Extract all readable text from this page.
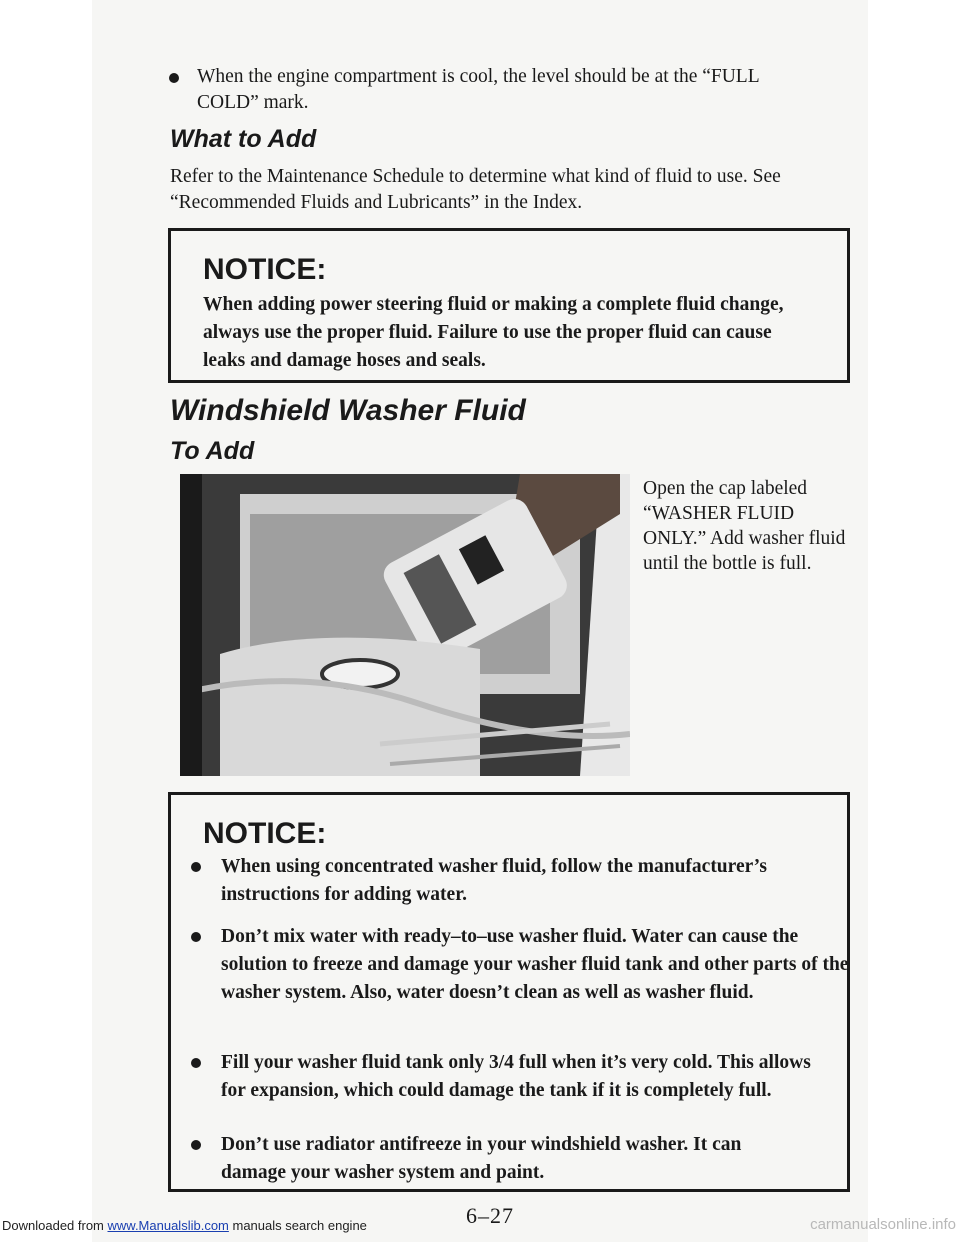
When the engine compartment is cool, the level should be at the “FULL COLD” mark.
What to Add
Refer to the Maintenance Schedule to determine what kind of fluid to use. See “Recommended Fluids and Lubricants” in the Index.
NOTICE:
When adding power steering fluid or making a complete fluid change, always use the proper fluid. Failure to use the proper fluid can cause leaks and damage hoses and seals.
Windshield Washer Fluid
To Add
Open the cap labeled “WASHER FLUID ONLY.” Add washer fluid until the bottle is full.
NOTICE:
When using concentrated washer fluid, follow the manufacturer’s instructions for adding water.
Don’t mix water with ready–to–use washer fluid. Water can cause the solution to freeze and damage your washer fluid tank and other parts of the washer system. Also, water doesn’t clean as well as washer fluid.
Fill your washer fluid tank only 3/4 full when it’s very cold. This allows for expansion, which could damage the tank if it is completely full.
Don’t use radiator antifreeze in your windshield washer. It can damage your washer system and paint.
6–27
Downloaded from www.Manualslib.com manuals search engine	carmanualsonline.info
